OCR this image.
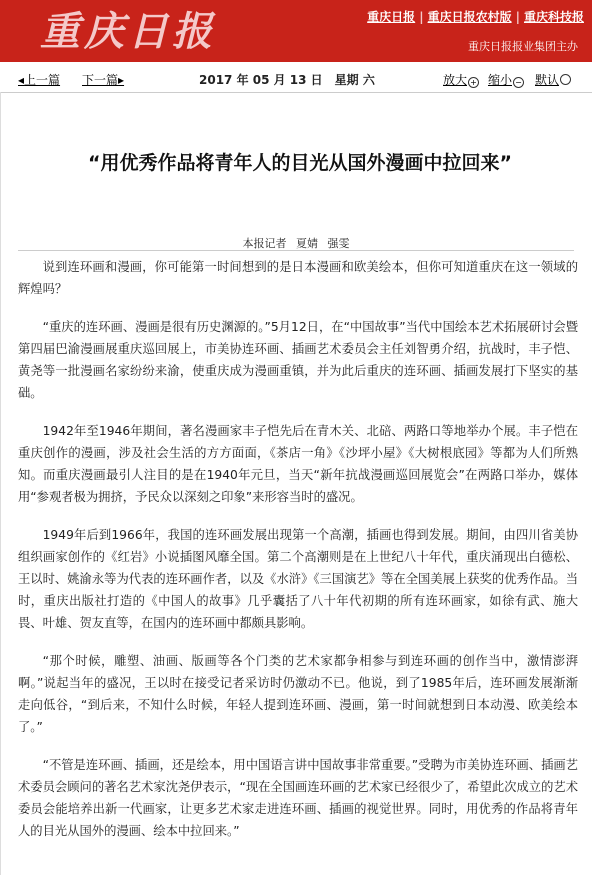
重庆日报	重庆日报 | 重庆日报农村版 | 重庆科技报
重庆日报报业集团主办
◂上一篇 下一篇▸	2017 年 05 月 13 日　星期 六	放大 + 缩小 − 默认
“用优秀作品将青年人的目光从国外漫画中拉回来”
本报记者 夏婧 强雯

说到连环画和漫画，你可能第一时间想到的是日本漫画和欧美绘本，但你可知道重庆在这一领域的辉煌吗？

“重庆的连环画、漫画是很有历史渊源的。”5月12日，在“中国故事”当代中国绘本艺术拓展研讨会暨第四届巴渝漫画展重庆巡回展上，市美协连环画、插画艺术委员会主任刘智勇介绍，抗战时，丰子恺、黄尧等一批漫画名家纷纷来渝，使重庆成为漫画重镇，并为此后重庆的连环画、插画发展打下坚实的基础。

1942年至1946年期间，著名漫画家丰子恺先后在青木关、北碚、两路口等地举办个展。丰子恺在重庆创作的漫画，涉及社会生活的方方面面，《茶店一角》《沙坪小屋》《大树根底园》等都为人们所熟知。而重庆漫画最引人注目的是在1940年元旦，当天“新年抗战漫画巡回展览会”在两路口举办，媒体用“参观者极为拥挤，予民众以深刻之印象”来形容当时的盛况。

1949年后到1966年，我国的连环画发展出现第一个高潮，插画也得到发展。期间，由四川省美协组织画家创作的《红岩》小说插图风靡全国。第二个高潮则是在上世纪八十年代，重庆涌现出白德松、王以时、姚渝永等为代表的连环画作者，以及《水浒》《三国演艺》等在全国美展上获奖的优秀作品。当时，重庆出版社打造的《中国人的故事》几乎囊括了八十年代初期的所有连环画家，如徐有武、施大畏、叶雄、贺友直等，在国内的连环画中都颇具影响。

“那个时候，雕塑、油画、版画等各个门类的艺术家都争相参与到连环画的创作当中，激情澎湃啊。”说起当年的盛况，王以时在接受记者采访时仍激动不已。他说，到了1985年后，连环画发展渐渐走向低谷，“到后来，不知什么时候，年轻人提到连环画、漫画，第一时间就想到日本动漫、欧美绘本了。”

“不管是连环画、插画，还是绘本，用中国语言讲中国故事非常重要。”受聘为市美协连环画、插画艺术委员会顾问的著名艺术家沈尧伊表示，“现在全国画连环画的艺术家已经很少了，希望此次成立的艺术委员会能培养出新一代画家，让更多艺术家走进连环画、插画的视觉世界。同时，用优秀的作品将青年人的目光从国外的漫画、绘本中拉回来。”
